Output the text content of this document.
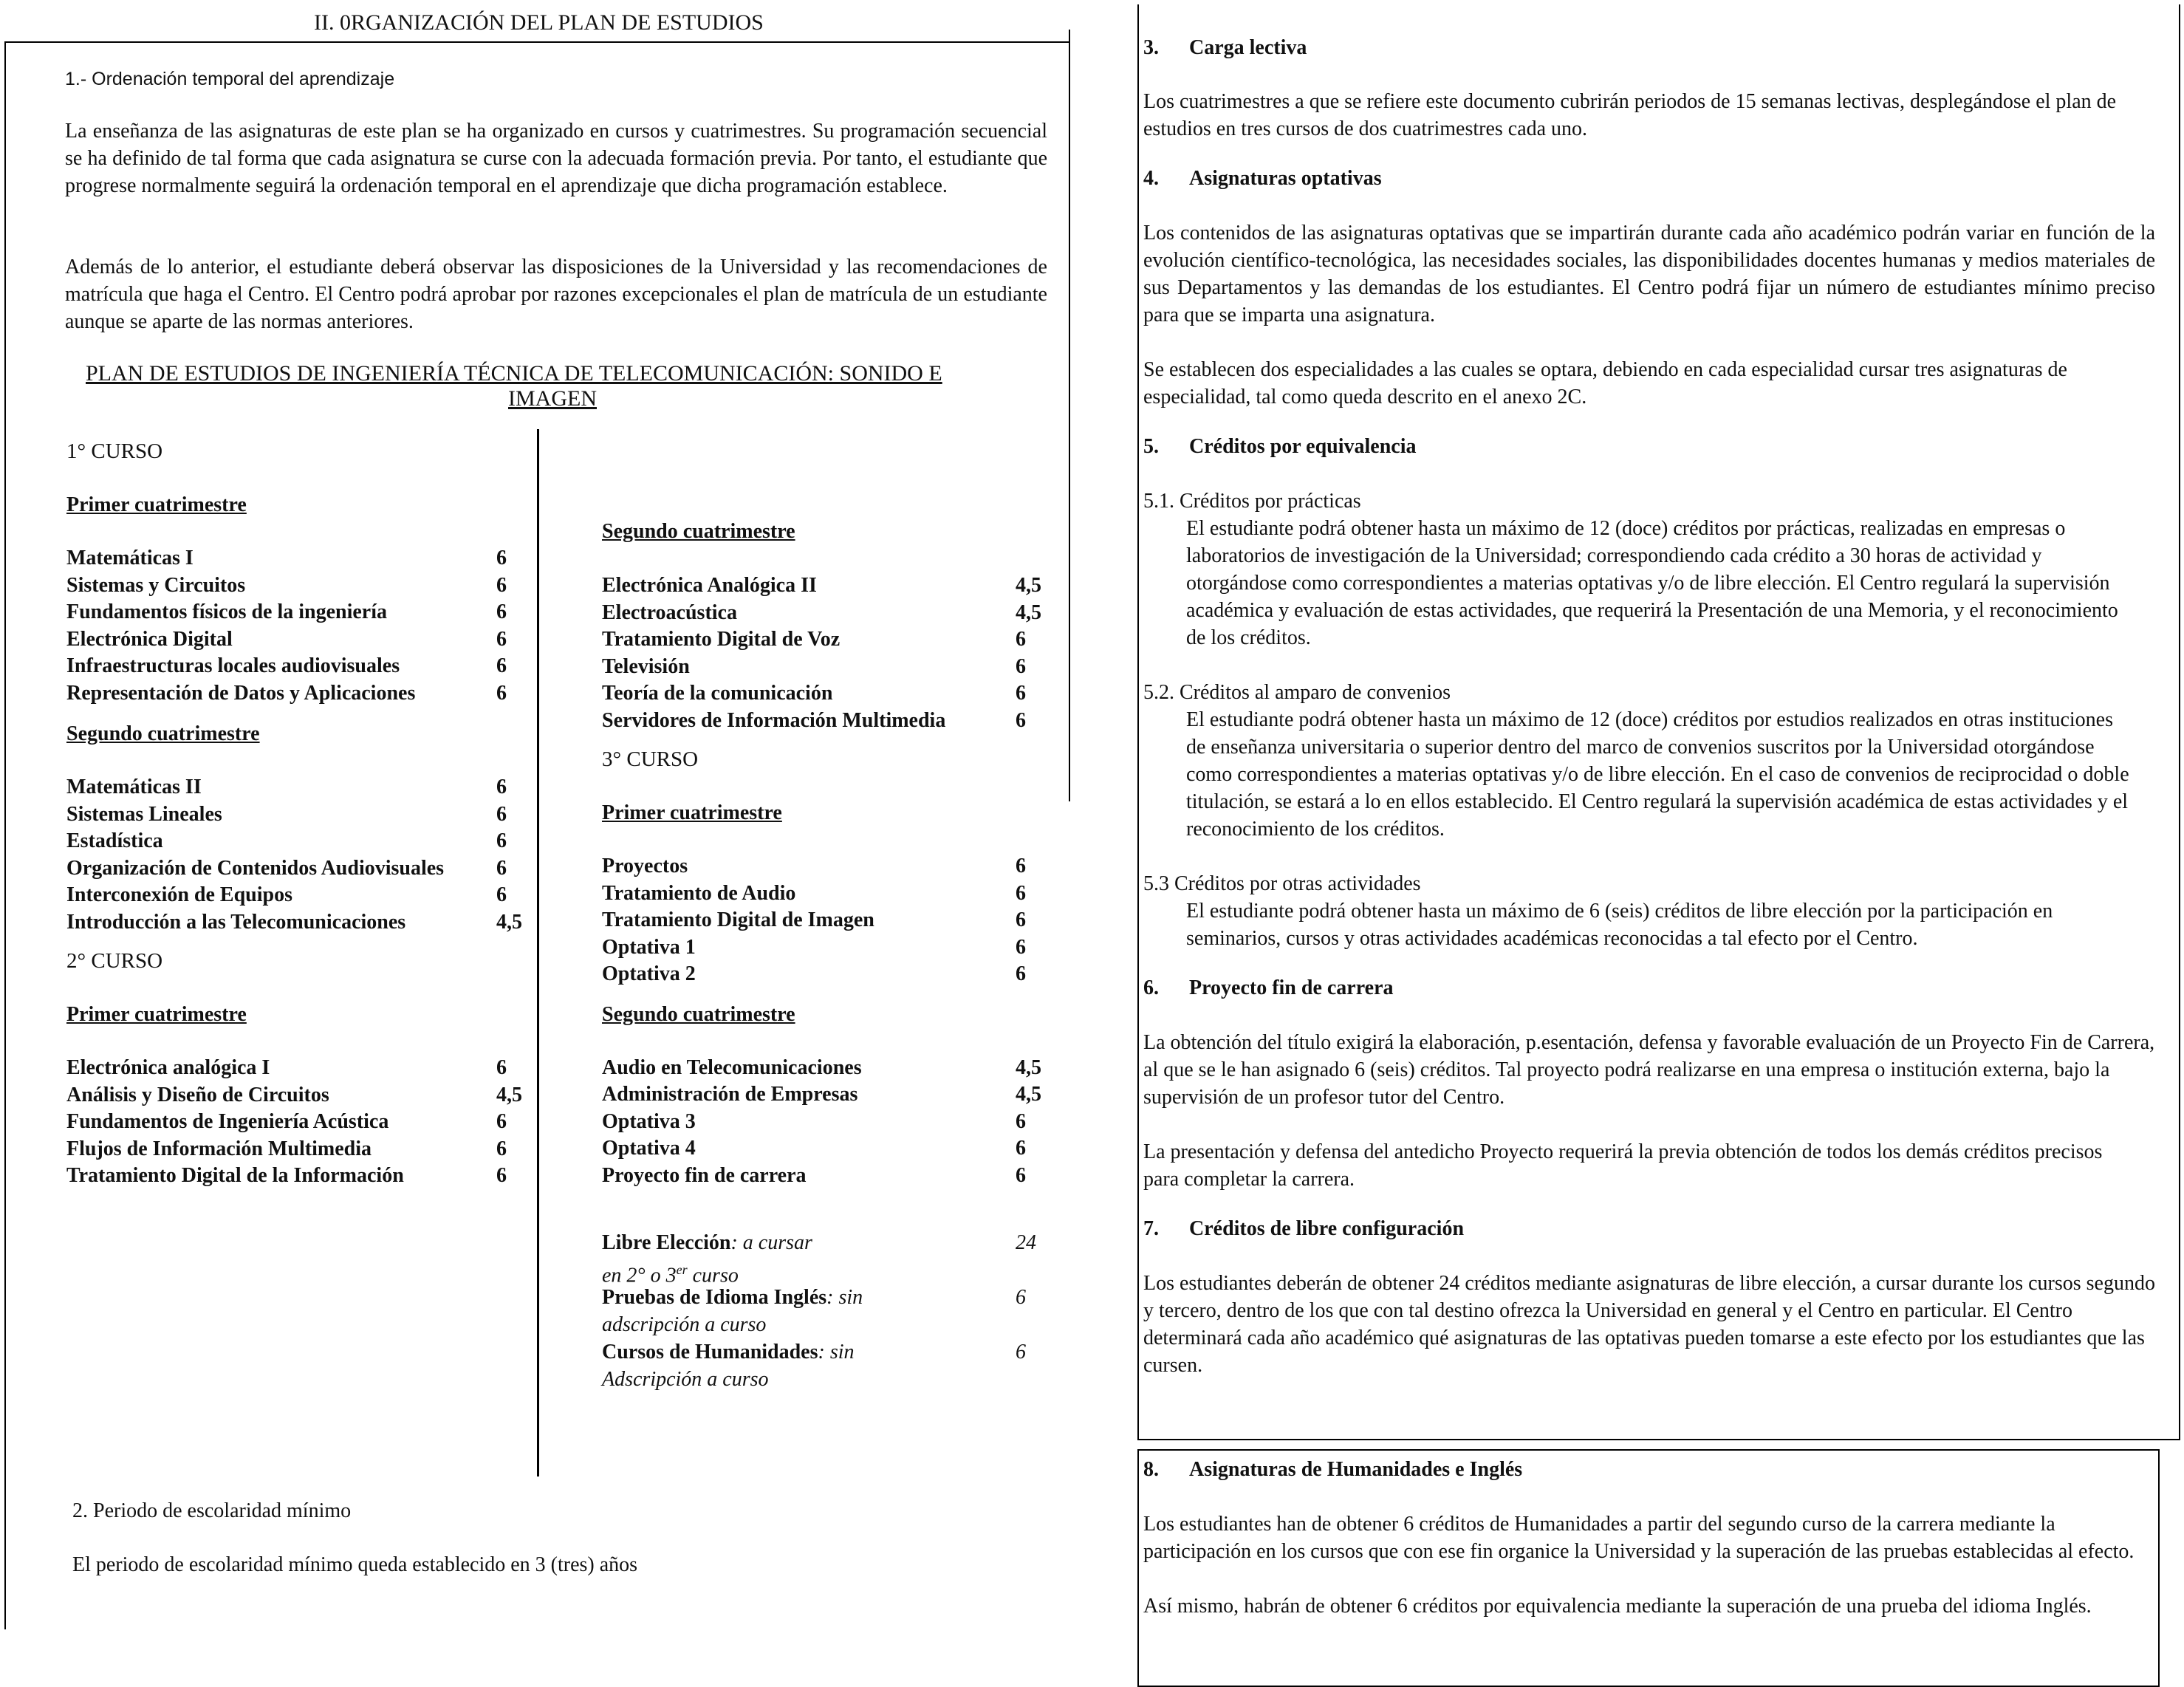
II. 0RGANIZACIÓN DEL PLAN DE ESTUDIOS
1.- Ordenación temporal del aprendizaje

La enseñanza de las asignaturas de este plan se ha organizado en cursos y cuatrimestres. Su programación secuencial se ha definido de tal forma que cada asignatura se curse con la adecuada formación previa. Por tanto, el estudiante que progrese normalmente seguirá la ordenación temporal en el aprendizaje que dicha programación establece.

Además de lo anterior, el estudiante deberá observar las disposiciones de la Universidad y las recomendaciones de matrícula que haga el Centro. El Centro podrá aprobar por razones excepcionales el plan de matrícula de un estudiante aunque se aparte de las normas anteriores.

PLAN DE ESTUDIOS DE INGENIERÍA TÉCNICA DE TELECOMUNICACIÓN: SONIDO E
IMAGEN
1° CURSO
Primer cuatrimestre
Matemáticas I	6
Sistemas y Circuitos	6
Fundamentos físicos de la ingeniería	6
Electrónica Digital	6
Infraestructuras locales audiovisuales	6
Representación de Datos y Aplicaciones	6
Segundo cuatrimestre
Matemáticas II	6
Sistemas Lineales	6
Estadística	6
Organización de Contenidos Audiovisuales	6
Interconexión de Equipos	6
Introducción a las Telecomunicaciones	4,5
2° CURSO
Primer cuatrimestre
Electrónica analógica I	6
Análisis y Diseño de Circuitos	4,5
Fundamentos de Ingeniería Acústica	6
Flujos de Información Multimedia	6
Tratamiento Digital de la Información	6
Segundo cuatrimestre
Electrónica Analógica II	4,5
Electroacústica	4,5
Tratamiento Digital de Voz	6
Televisión	6
Teoría de la comunicación	6
Servidores de Información Multimedia	6
3° CURSO
Primer cuatrimestre
Proyectos	6
Tratamiento de Audio	6
Tratamiento Digital de Imagen	6
Optativa 1	6
Optativa 2	6
Segundo cuatrimestre
Audio en Telecomunicaciones	4,5
Administración de Empresas	4,5
Optativa 3	6
Optativa 4	6
Proyecto fin de carrera	6
Libre Elección: a cursar	24
en 2° o 3er curso
Pruebas de Idioma Inglés: sin	6
adscripción a curso
Cursos de Humanidades: sin	6
Adscripción a curso
2. Periodo de escolaridad mínimo
El periodo de escolaridad mínimo queda establecido en 3 (tres) años
3. Carga lectiva

Los cuatrimestres a que se refiere este documento cubrirán periodos de 15 semanas lectivas, desplegándose el plan de estudios en tres cursos de dos cuatrimestres cada uno.

4. Asignaturas optativas

Los contenidos de las asignaturas optativas que se impartirán durante cada año académico podrán variar en función de la evolución científico-tecnológica, las necesidades sociales, las disponibilidades docentes humanas y medios materiales de sus Departamentos y las demandas de los estudiantes. El Centro podrá fijar un número de estudiantes mínimo preciso para que se imparta una asignatura.

Se establecen dos especialidades a las cuales se optara, debiendo en cada especialidad cursar tres asignaturas de especialidad, tal como queda descrito en el anexo 2C.

5. Créditos por equivalencia

5.1. Créditos por prácticas

El estudiante podrá obtener hasta un máximo de 12 (doce) créditos por prácticas, realizadas en empresas o laboratorios de investigación de la Universidad; correspondiendo cada crédito a 30 horas de actividad y otorgándose como correspondientes a materias optativas y/o de libre elección. El Centro regulará la supervisión académica y evaluación de estas actividades, que requerirá la Presentación de una Memoria, y el reconocimiento de los créditos.

5.2. Créditos al amparo de convenios

El estudiante podrá obtener hasta un máximo de 12 (doce) créditos por estudios realizados en otras instituciones de enseñanza universitaria o superior dentro del marco de convenios suscritos por la Universidad otorgándose como correspondientes a materias optativas y/o de libre elección. En el caso de convenios de reciprocidad o doble titulación, se estará a lo en ellos establecido. El Centro regulará la supervisión académica de estas actividades y el reconocimiento de los créditos.

5.3 Créditos por otras actividades

El estudiante podrá obtener hasta un máximo de 6 (seis) créditos de libre elección por la participación en seminarios, cursos y otras actividades académicas reconocidas a tal efecto por el Centro.

6. Proyecto fin de carrera

La obtención del título exigirá la elaboración, p.esentación, defensa y favorable evaluación de un Proyecto Fin de Carrera, al que se le han asignado 6 (seis) créditos. Tal proyecto podrá realizarse en una empresa o institución externa, bajo la supervisión de un profesor tutor del Centro.

La presentación y defensa del antedicho Proyecto requerirá la previa obtención de todos los demás créditos precisos para completar la carrera.

7. Créditos de libre configuración

Los estudiantes deberán de obtener 24 créditos mediante asignaturas de libre elección, a cursar durante los cursos segundo y tercero, dentro de los que con tal destino ofrezca la Universidad en general y el Centro en particular. El Centro determinará cada año académico qué asignaturas de las optativas pueden tomarse a este efecto por los estudiantes que las cursen.

8. Asignaturas de Humanidades e Inglés

Los estudiantes han de obtener 6 créditos de Humanidades a partir del segundo curso de la carrera mediante la participación en los cursos que con ese fin organice la Universidad y la superación de las pruebas establecidas al efecto.

Así mismo, habrán de obtener 6 créditos por equivalencia mediante la superación de una prueba del idioma Inglés.
